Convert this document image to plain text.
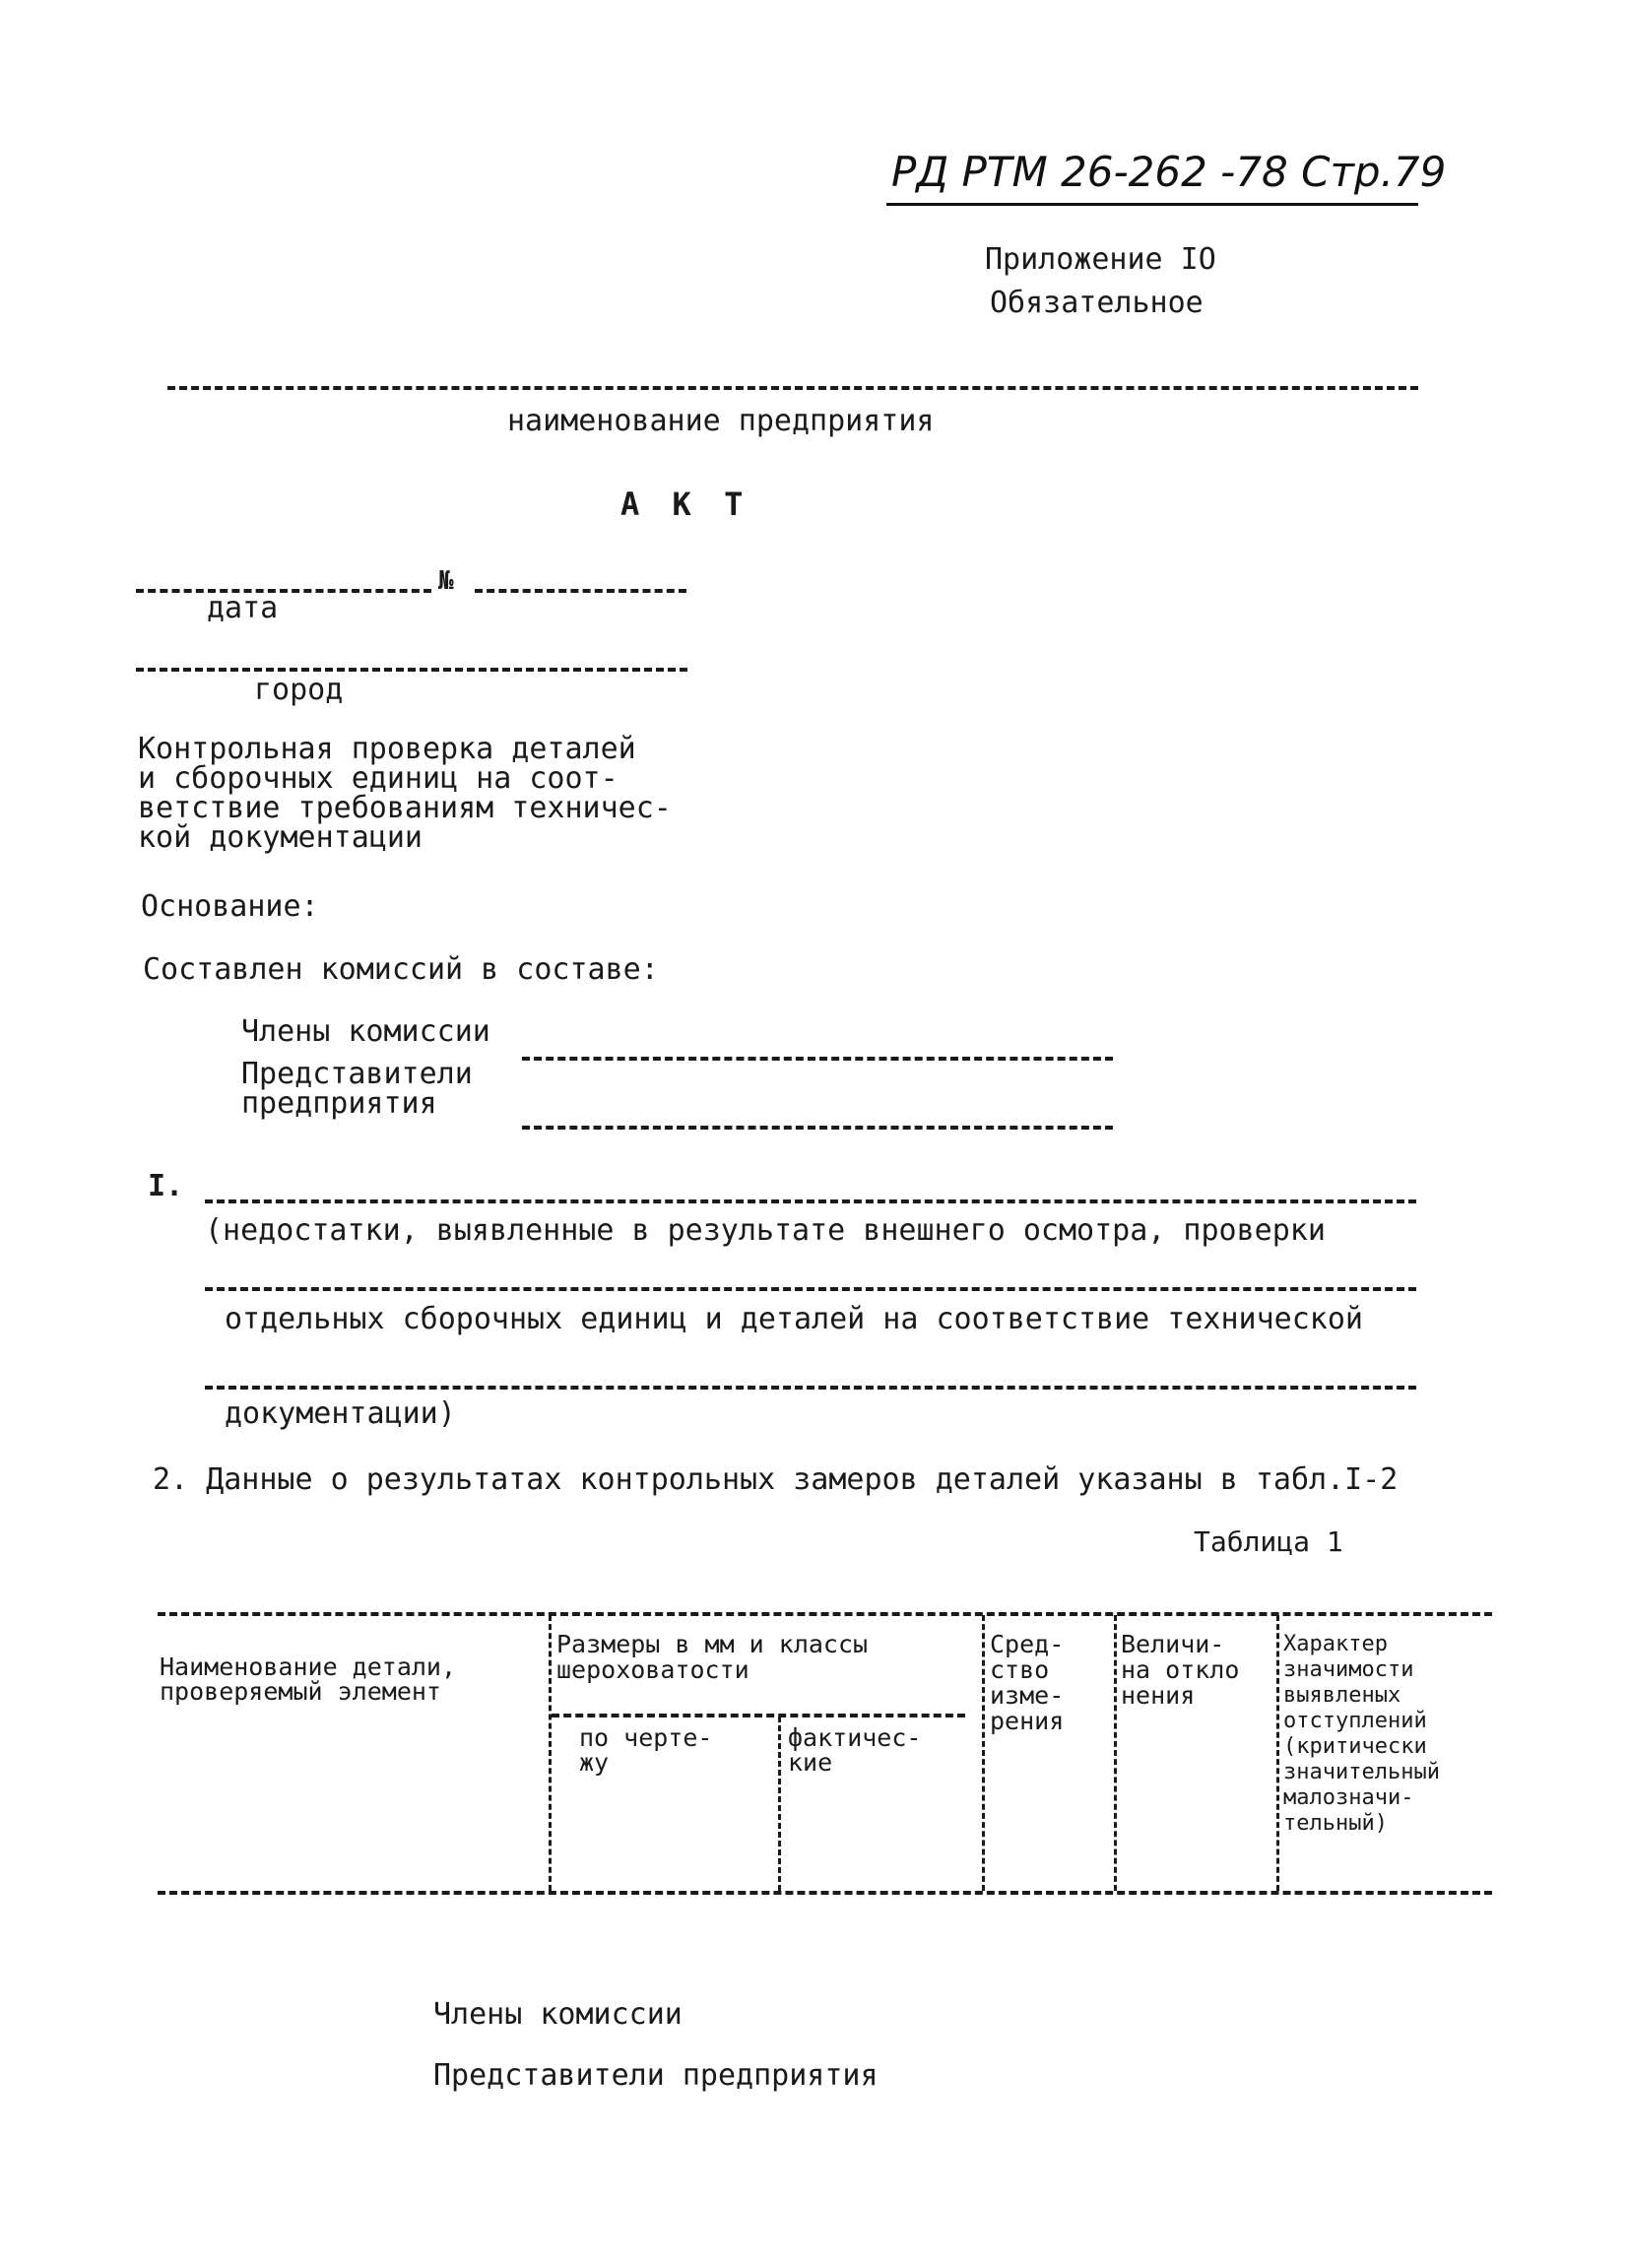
РД РТМ 26-262 -78 Стр.79
Приложение IO
Обязательное
наименование предприятия
А К Т
№
дата
город
Контрольная проверка деталей
и сборочных единиц на соот-
ветствие требованиям техничес-
кой документации
Основание:
Составлен комиссий в составе:
Члены комиссии
Представители
предприятия
I.
(недостатки, выявленные в результате внешнего осмотра, проверки
отдельных сборочных единиц и деталей на соответствие технической
документации)
2. Данные о результатах контрольных замеров деталей указаны в табл.I-2
Таблица 1
Наименование детали,
проверяемый элемент
Размеры в мм и классы
шероховатости
по черте-
жу
фактичес-
кие
Сред-
ство
изме-
рения
Величи-
на откло
нения
Характер
значимости
выявленых
отступлений
(критически
значительный
малозначи-
тельный)
Члены комиссии
Представители предприятия
